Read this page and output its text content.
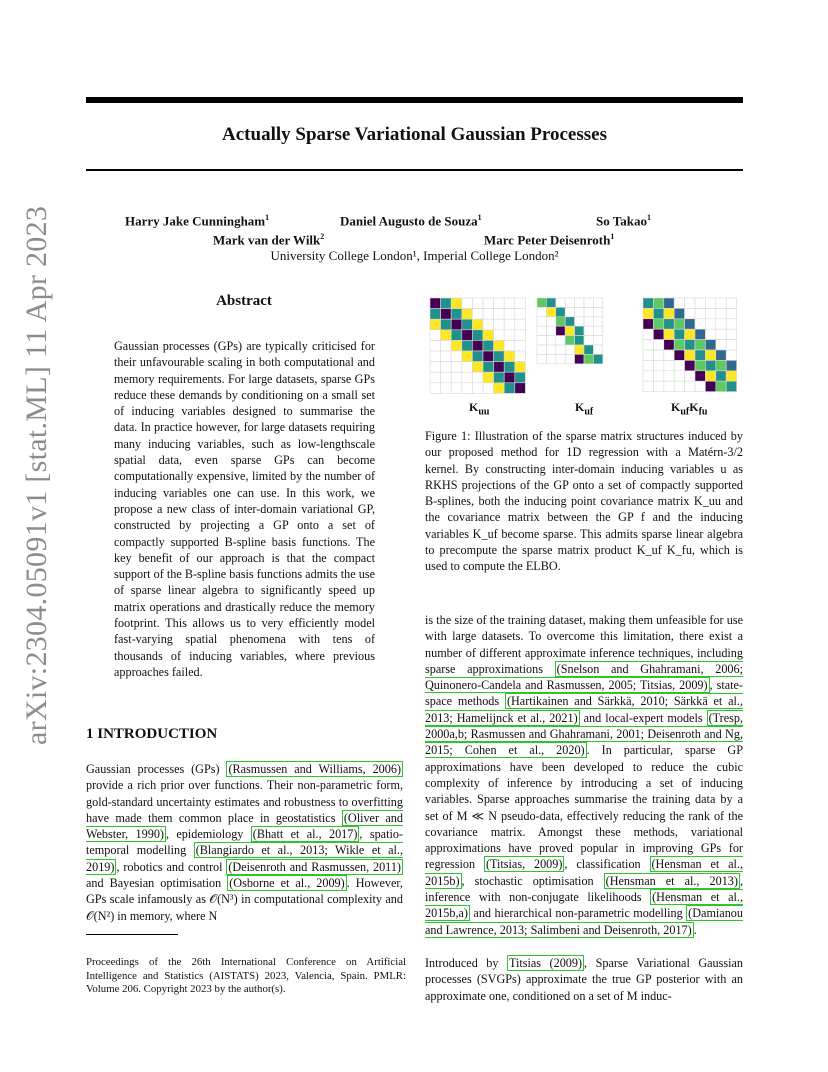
Actually Sparse Variational Gaussian Processes
Harry Jake Cunningham$^1$	Daniel Augusto de Souza$^1$	So Takao$^1$
Mark van der Wilk$^2$	Marc Peter Deisenroth$^1$
University College London¹, Imperial College London²
arXiv:2304.05091v1 [stat.ML] 11 Apr 2023	Abstract
Gaussian processes (GPs) are typically criticised for their unfavourable scaling in both computational and memory requirements. For large datasets, sparse GPs reduce these demands by conditioning on a small set of inducing variables designed to summarise the data. In practice however, for large datasets requiring many inducing variables, such as low-lengthscale spatial data, even sparse GPs can become computationally expensive, limited by the number of inducing variables one can use. In this work, we propose a new class of inter-domain variational GP, constructed by projecting a GP onto a set of compactly supported B-spline basis functions. The key benefit of our approach is that the compact support of the B-spline basis functions admits the use of sparse linear algebra to significantly speed up matrix operations and drastically reduce the memory footprint. This allows us to very efficiently model fast-varying spatial phenomena with tens of thousands of inducing variables, where previous approaches failed.
1 INTRODUCTION
Gaussian processes (GPs) (Rasmussen and Williams, 2006) provide a rich prior over functions. Their non-parametric form, gold-standard uncertainty estimates and robustness to overfitting have made them common place in geostatistics (Oliver and Webster, 1990) , epidemiology (Bhatt et al., 2017) , spatio-temporal modelling (Blangiardo et al., 2013; Wikle et al., 2019) , robotics and control (Deisenroth and Rasmussen, 2011) and Bayesian optimisation (Osborne et al., 2009) . However, GPs scale infamously as 𝒪(N³) in computational complexity and 𝒪(N²) in memory, where N
Proceedings of the 26th International Conference on Artificial Intelligence and Statistics (AISTATS) 2023, Valencia, Spain. PMLR: Volume 206. Copyright 2023 by the author(s).
$K_{uu}$	$K_{uf}$	$K_{uf}K_{fu}$
Figure 1: Illustration of the sparse matrix structures induced by our proposed method for 1D regression with a Matérn-3/2 kernel. By constructing inter-domain inducing variables u as RKHS projections of the GP onto a set of compactly supported B-splines, both the inducing point covariance matrix K_uu and the covariance matrix between the GP f and the inducing variables K_uf become sparse. This admits sparse linear algebra to precompute the sparse matrix product K_uf K_fu, which is used to compute the ELBO.
is the size of the training dataset, making them unfeasible for use with large datasets. To overcome this limitation, there exist a number of different approximate inference techniques, including sparse approximations (Snelson and Ghahramani, 2006; Quinonero-Candela and Rasmussen, 2005; Titsias, 2009) , state-space methods (Hartikainen and Särkkä, 2010; Särkkä et al., 2013; Hamelijnck et al., 2021) and local-expert models (Tresp, 2000a,b; Rasmussen and Ghahramani, 2001; Deisenroth and Ng, 2015; Cohen et al., 2020) . In particular, sparse GP approximations have been developed to reduce the cubic complexity of inference by introducing a set of inducing variables. Sparse approaches summarise the training data by a set of M ≪ N pseudo-data, effectively reducing the rank of the covariance matrix. Amongst these methods, variational approximations have proved popular in improving GPs for regression (Titsias, 2009) , classification (Hensman et al., 2015b) , stochastic optimisation (Hensman et al., 2013) , inference with non-conjugate likelihoods (Hensman et al., 2015b,a) and hierarchical non-parametric modelling (Damianou and Lawrence, 2013; Salimbeni and Deisenroth, 2017) .
Introduced by Titsias (2009) , Sparse Variational Gaussian processes (SVGPs) approximate the true GP posterior with an approximate one, conditioned on a set of M induc-
